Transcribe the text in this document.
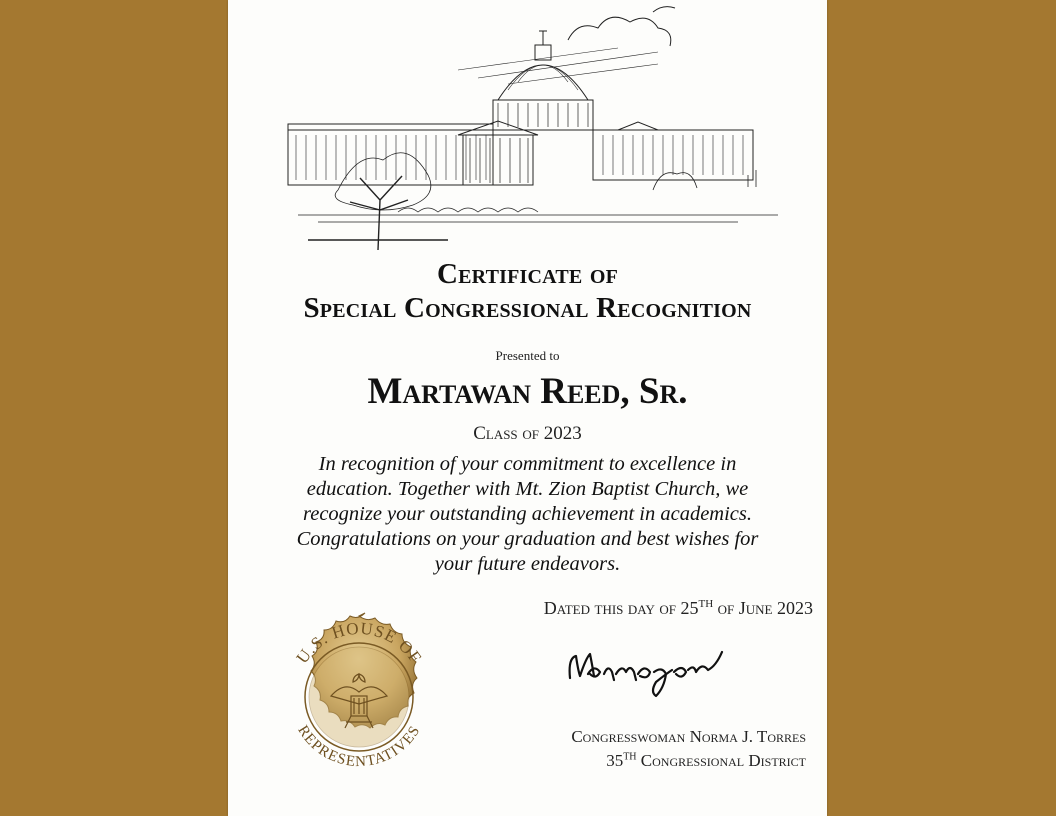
Certificate of
Special Congressional Recognition
Presented to
Martawan Reed, Sr.
Class of 2023
In recognition of your commitment to excellence in
education. Together with Mt. Zion Baptist Church, we
recognize your outstanding achievement in academics.
Congratulations on your graduation and best wishes for
your future endeavors.
Dated this day of 25TH of June 2023
Congresswoman Norma J. Torres
35TH Congressional District
U.S. HOUSE OF
REPRESENTATIVES
